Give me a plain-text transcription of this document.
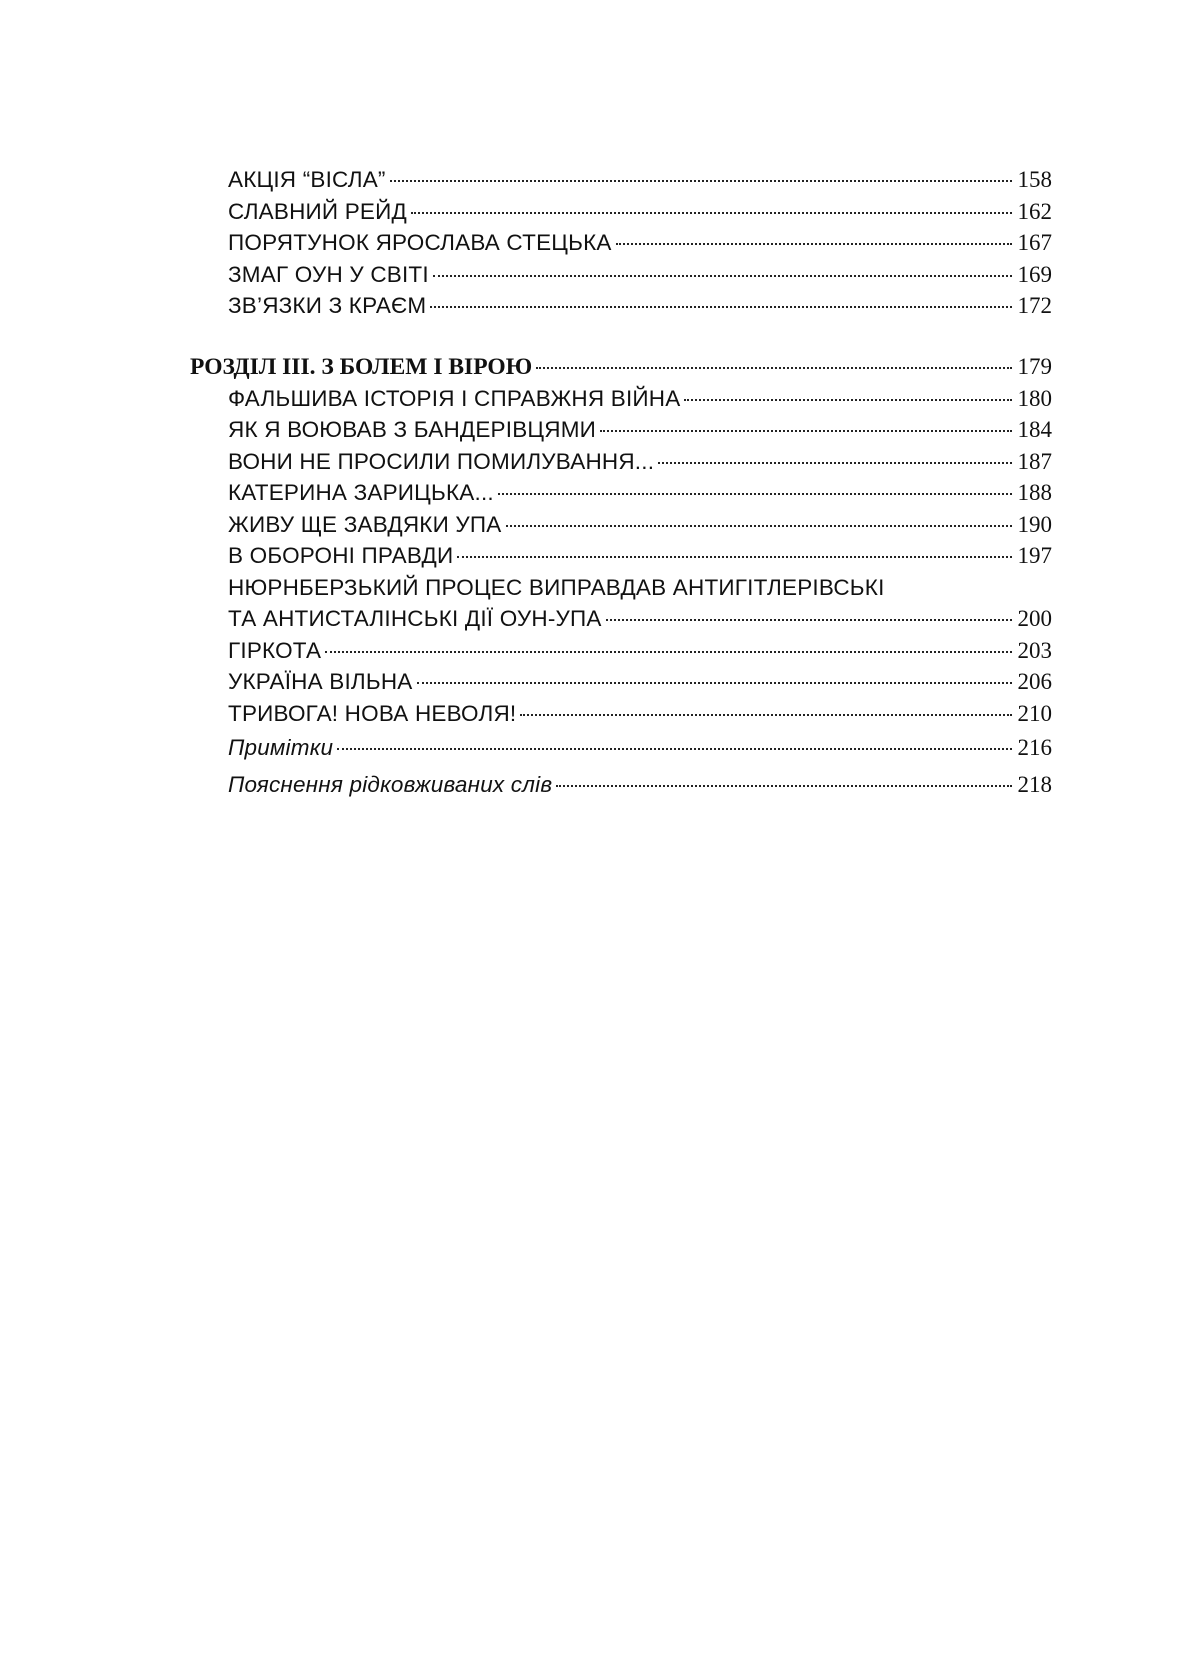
АКЦІЯ “ВІСЛА”	158
СЛАВНИЙ РЕЙД	162
ПОРЯТУНОК ЯРОСЛАВА СТЕЦЬКА	167
ЗМАГ ОУН У СВІТІ	169
ЗВ’ЯЗКИ З КРАЄМ	172
РОЗДІЛ ІІІ. З БОЛЕМ І ВІРОЮ	179
ФАЛЬШИВА ІСТОРІЯ І СПРАВЖНЯ ВІЙНА	180
ЯК Я ВОЮВАВ З БАНДЕРІВЦЯМИ	184
ВОНИ НЕ ПРОСИЛИ ПОМИЛУВАННЯ...	187
КАТЕРИНА ЗАРИЦЬКА...	188
ЖИВУ ЩЕ ЗАВДЯКИ УПА	190
В ОБОРОНІ ПРАВДИ	197
НЮРНБЕРЗЬКИЙ ПРОЦЕС ВИПРАВДАВ АНТИГІТЛЕРІВСЬКІ
ТА АНТИСТАЛІНСЬКІ ДІЇ ОУН-УПА	200
ГІРКОТА	203
УКРАЇНА ВІЛЬНА	206
ТРИВОГА! НОВА НЕВОЛЯ!	210
Примітки	216
Пояснення рідковживаних слів	218
